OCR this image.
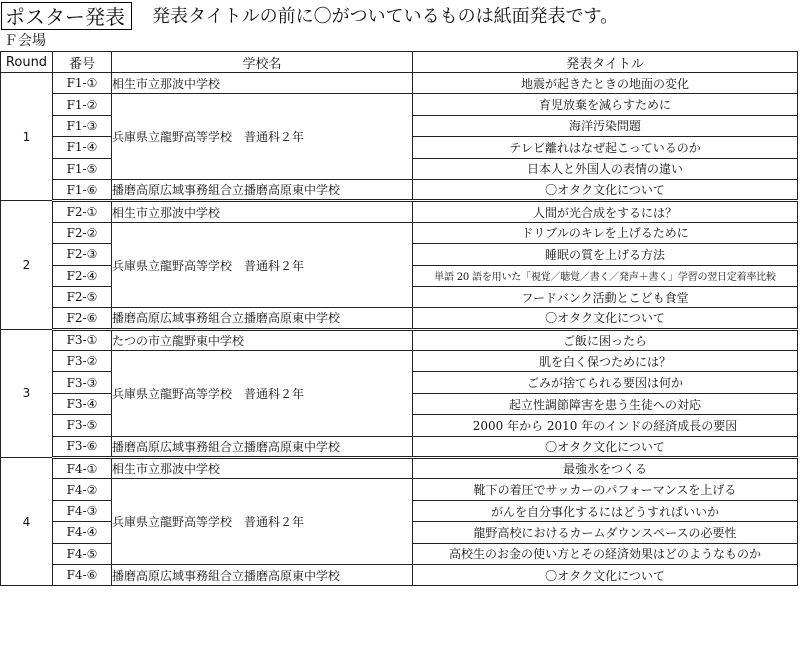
ポスター発表	発表タイトルの前に〇がついているものは紙面発表です。
Ｆ会場
Round	番号	学校名	発表タイトル
1	F1-①	相生市立那波中学校	地震が起きたときの地面の変化
	F1-②	兵庫県立龍野高等学校　普通科２年	育児放棄を減らすために
	F1-③		海洋汚染問題
	F1-④		テレビ離れはなぜ起こっているのか
	F1-⑤		日本人と外国人の表情の違い
	F1-⑥	播磨高原広域事務組合立播磨高原東中学校	〇オタク文化について
2	F2-①	相生市立那波中学校	人間が光合成をするには？
	F2-②	兵庫県立龍野高等学校　普通科２年	ドリブルのキレを上げるために
	F2-③		睡眠の質を上げる方法
	F2-④		単語 20 語を用いた「視覚／聴覚／書く／発声＋書く」学習の翌日定着率比較
	F2-⑤		フードバンク活動とこども食堂
	F2-⑥	播磨高原広域事務組合立播磨高原東中学校	〇オタク文化について
3	F3-①	たつの市立龍野東中学校	ご飯に困ったら
	F3-②	兵庫県立龍野高等学校　普通科２年	肌を白く保つためには？
	F3-③		ごみが捨てられる要因は何か
	F3-④		起立性調節障害を患う生徒への対応
	F3-⑤		2000 年から 2010 年のインドの経済成長の要因
	F3-⑥	播磨高原広域事務組合立播磨高原東中学校	〇オタク文化について
4	F4-①	相生市立那波中学校	最強氷をつくる
	F4-②	兵庫県立龍野高等学校　普通科２年	靴下の着圧でサッカーのパフォーマンスを上げる
	F4-③		がんを自分事化するにはどうすればいいか
	F4-④		龍野高校におけるカームダウンスペースの必要性
	F4-⑤		高校生のお金の使い方とその経済効果はどのようなものか
	F4-⑥	播磨高原広域事務組合立播磨高原東中学校	〇オタク文化について
